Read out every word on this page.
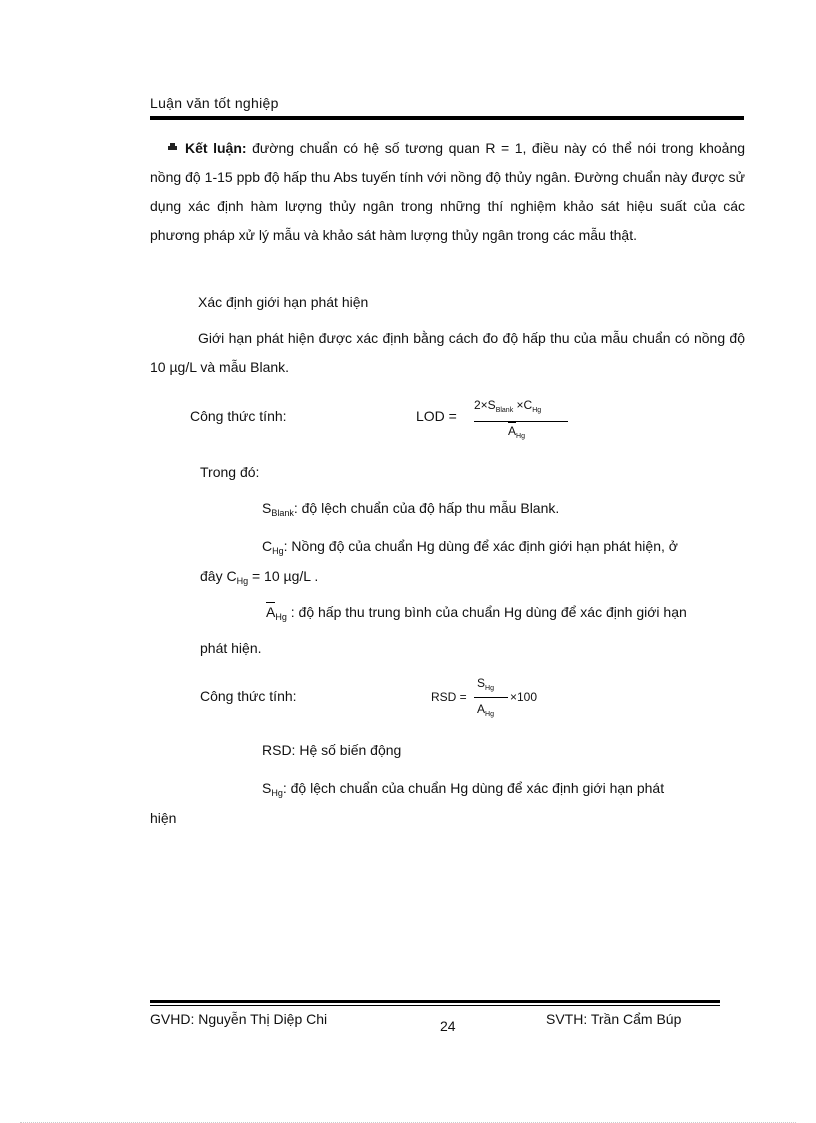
Luận văn tốt nghiệp
Kết luận: đường chuẩn có hệ số tương quan R = 1, điều này có thể nói trong khoảng nồng độ 1-15 ppb độ hấp thu Abs tuyến tính với nồng độ thủy ngân. Đường chuẩn này được sử dụng xác định hàm lượng thủy ngân trong những thí nghiệm khảo sát hiệu suất của các phương pháp xử lý mẫu và khảo sát hàm lượng thủy ngân trong các mẫu thật.
Xác định giới hạn phát hiện
Giới hạn phát hiện được xác định bằng cách đo độ hấp thu của mẫu chuẩn có nồng độ 10 µg/L và mẫu Blank.
Công thức tính:	LOD =
$2\times S_{Blank} \times C_{Hg}$
$A_{Hg}$
Trong đó:
$S_{Blank}$: độ lệch chuẩn của độ hấp thu mẫu Blank.
$C_{Hg}$: Nồng độ của chuẩn Hg dùng để xác định giới hạn phát hiện, ở
đây $C_{Hg} = 10$ µg/L .
$A_{Hg}$ : độ hấp thu trung bình của chuẩn Hg dùng để xác định giới hạn
phát hiện.
Công thức tính:	RSD =
$S_{Hg}$
$A_{Hg}$
×100
RSD: Hệ số biến động
$S_{Hg}$: độ lệch chuẩn của chuẩn Hg dùng để xác định giới hạn phát
hiện
GVHD: Nguyễn Thị Diệp Chi	24	SVTH: Trần Cẩm Búp
